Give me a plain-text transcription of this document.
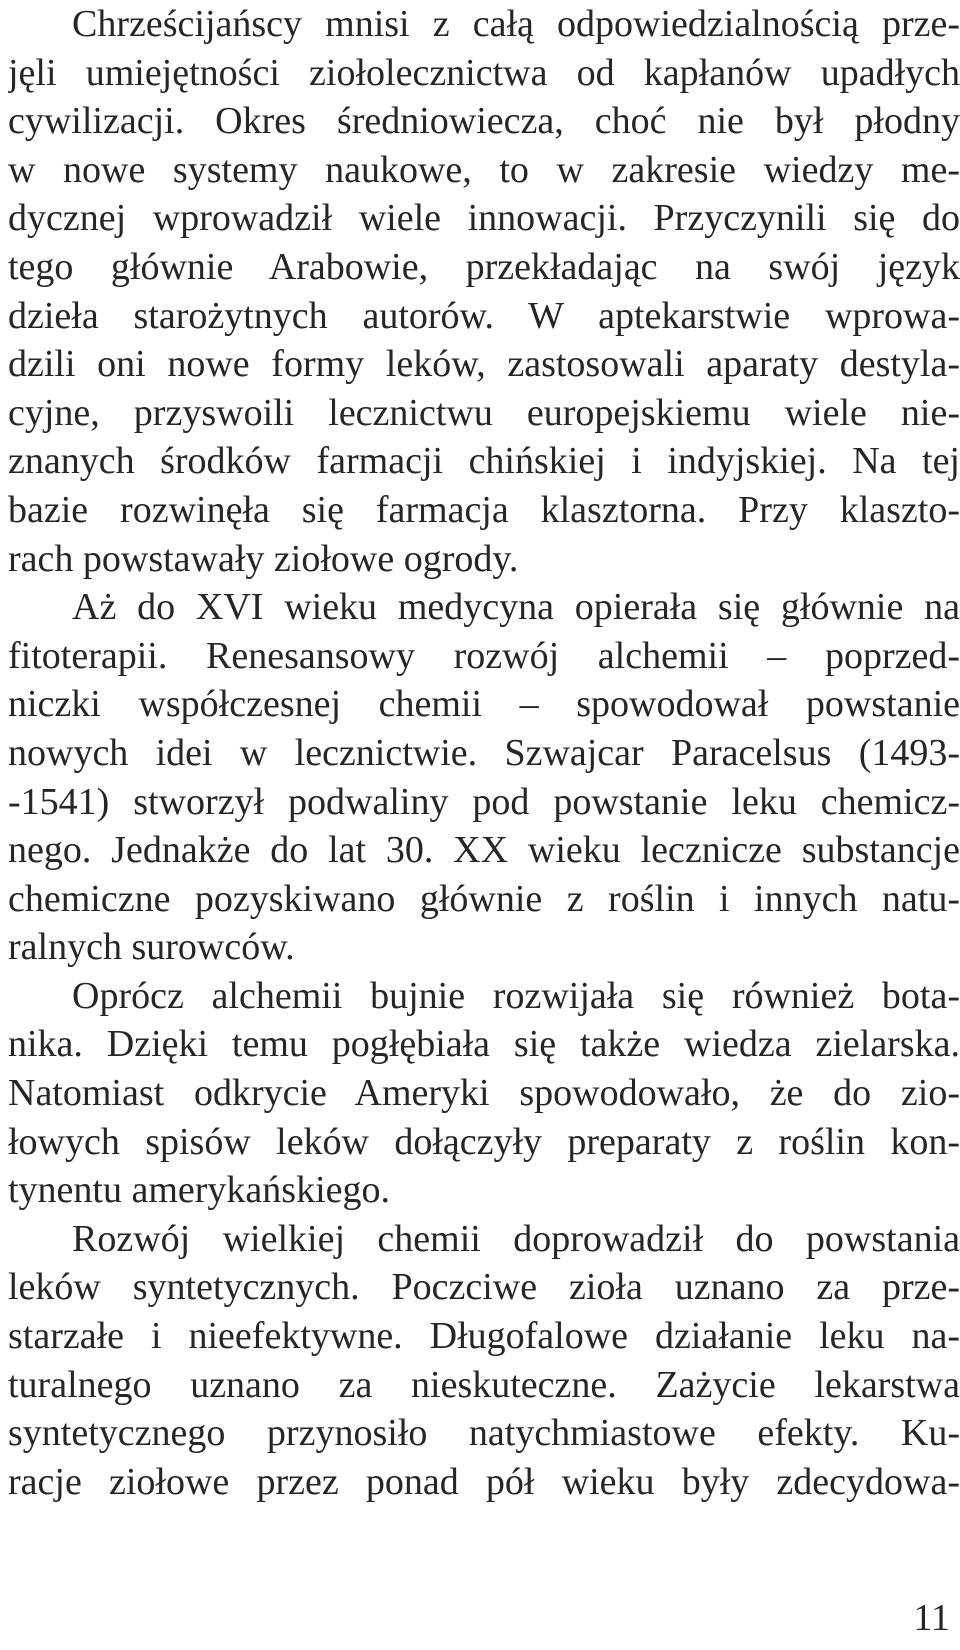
Chrześcijańscy mnisi z całą odpowiedzialnością prze-
jęli umiejętności ziołolecznictwa od kapłanów upadłych
cywilizacji. Okres średniowiecza, choć nie był płodny
w nowe systemy naukowe, to w zakresie wiedzy me-
dycznej wprowadził wiele innowacji. Przyczynili się do
tego głównie Arabowie, przekładając na swój język
dzieła starożytnych autorów. W aptekarstwie wprowa-
dzili oni nowe formy leków, zastosowali aparaty destyla-
cyjne, przyswoili lecznictwu europejskiemu wiele nie-
znanych środków farmacji chińskiej i indyjskiej. Na tej
bazie rozwinęła się farmacja klasztorna. Przy klaszto-
rach powstawały ziołowe ogrody.
Aż do XVI wieku medycyna opierała się głównie na
fitoterapii. Renesansowy rozwój alchemii – poprzed-
niczki współczesnej chemii – spowodował powstanie
nowych idei w lecznictwie. Szwajcar Paracelsus (1493-
-1541) stworzył podwaliny pod powstanie leku chemicz-
nego. Jednakże do lat 30. XX wieku lecznicze substancje
chemiczne pozyskiwano głównie z roślin i innych natu-
ralnych surowców.
Oprócz alchemii bujnie rozwijała się również bota-
nika. Dzięki temu pogłębiała się także wiedza zielarska.
Natomiast odkrycie Ameryki spowodowało, że do zio-
łowych spisów leków dołączyły preparaty z roślin kon-
tynentu amerykańskiego.
Rozwój wielkiej chemii doprowadził do powstania
leków syntetycznych. Poczciwe zioła uznano za prze-
starzałe i nieefektywne. Długofalowe działanie leku na-
turalnego uznano za nieskuteczne. Zażycie lekarstwa
syntetycznego przynosiło natychmiastowe efekty. Ku-
racje ziołowe przez ponad pół wieku były zdecydowa-
11
